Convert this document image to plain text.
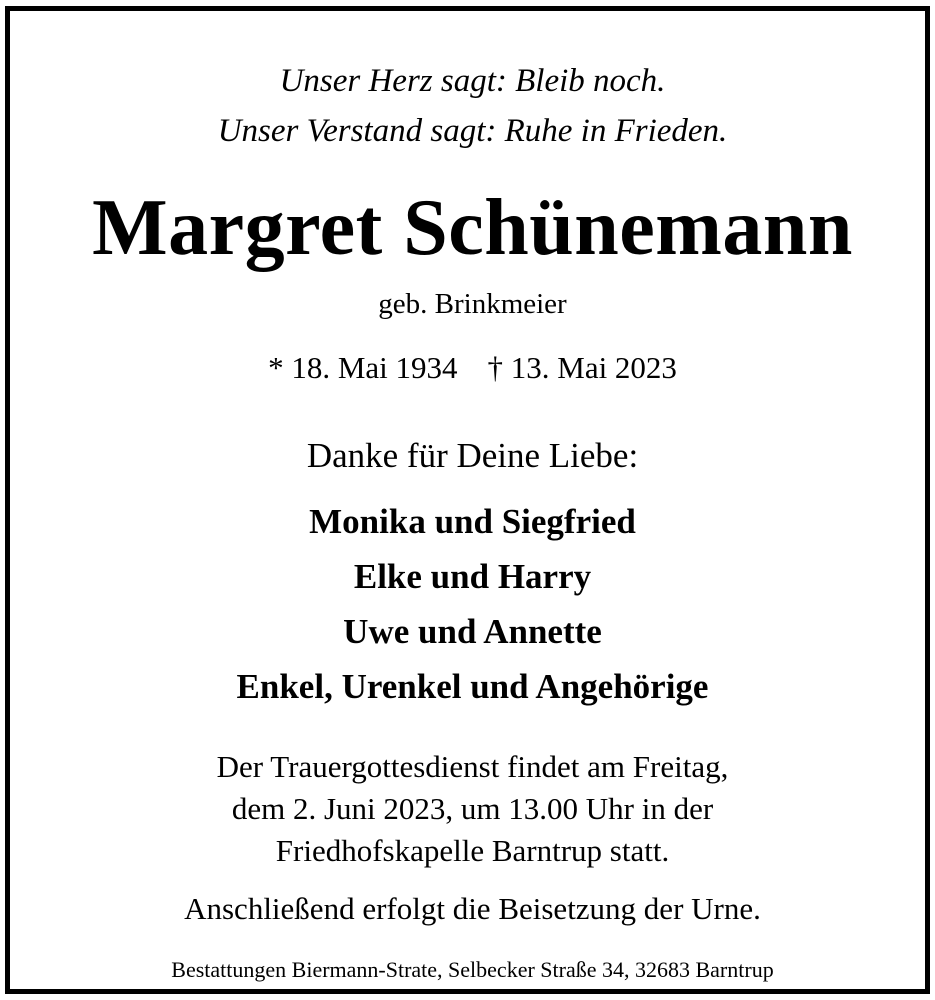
Unser Herz sagt: Bleib noch.
Unser Verstand sagt: Ruhe in Frieden.
Margret Schünemann
geb. Brinkmeier
* 18. Mai 1934 † 13. Mai 2023
Danke für Deine Liebe:
Monika und Siegfried
Elke und Harry
Uwe und Annette
Enkel, Urenkel und Angehörige
Der Trauergottesdienst findet am Freitag,
dem 2. Juni 2023, um 13.00 Uhr in der
Friedhofskapelle Barntrup statt.
Anschließend erfolgt die Beisetzung der Urne.
Bestattungen Biermann-Strate, Selbecker Straße 34, 32683 Barntrup
